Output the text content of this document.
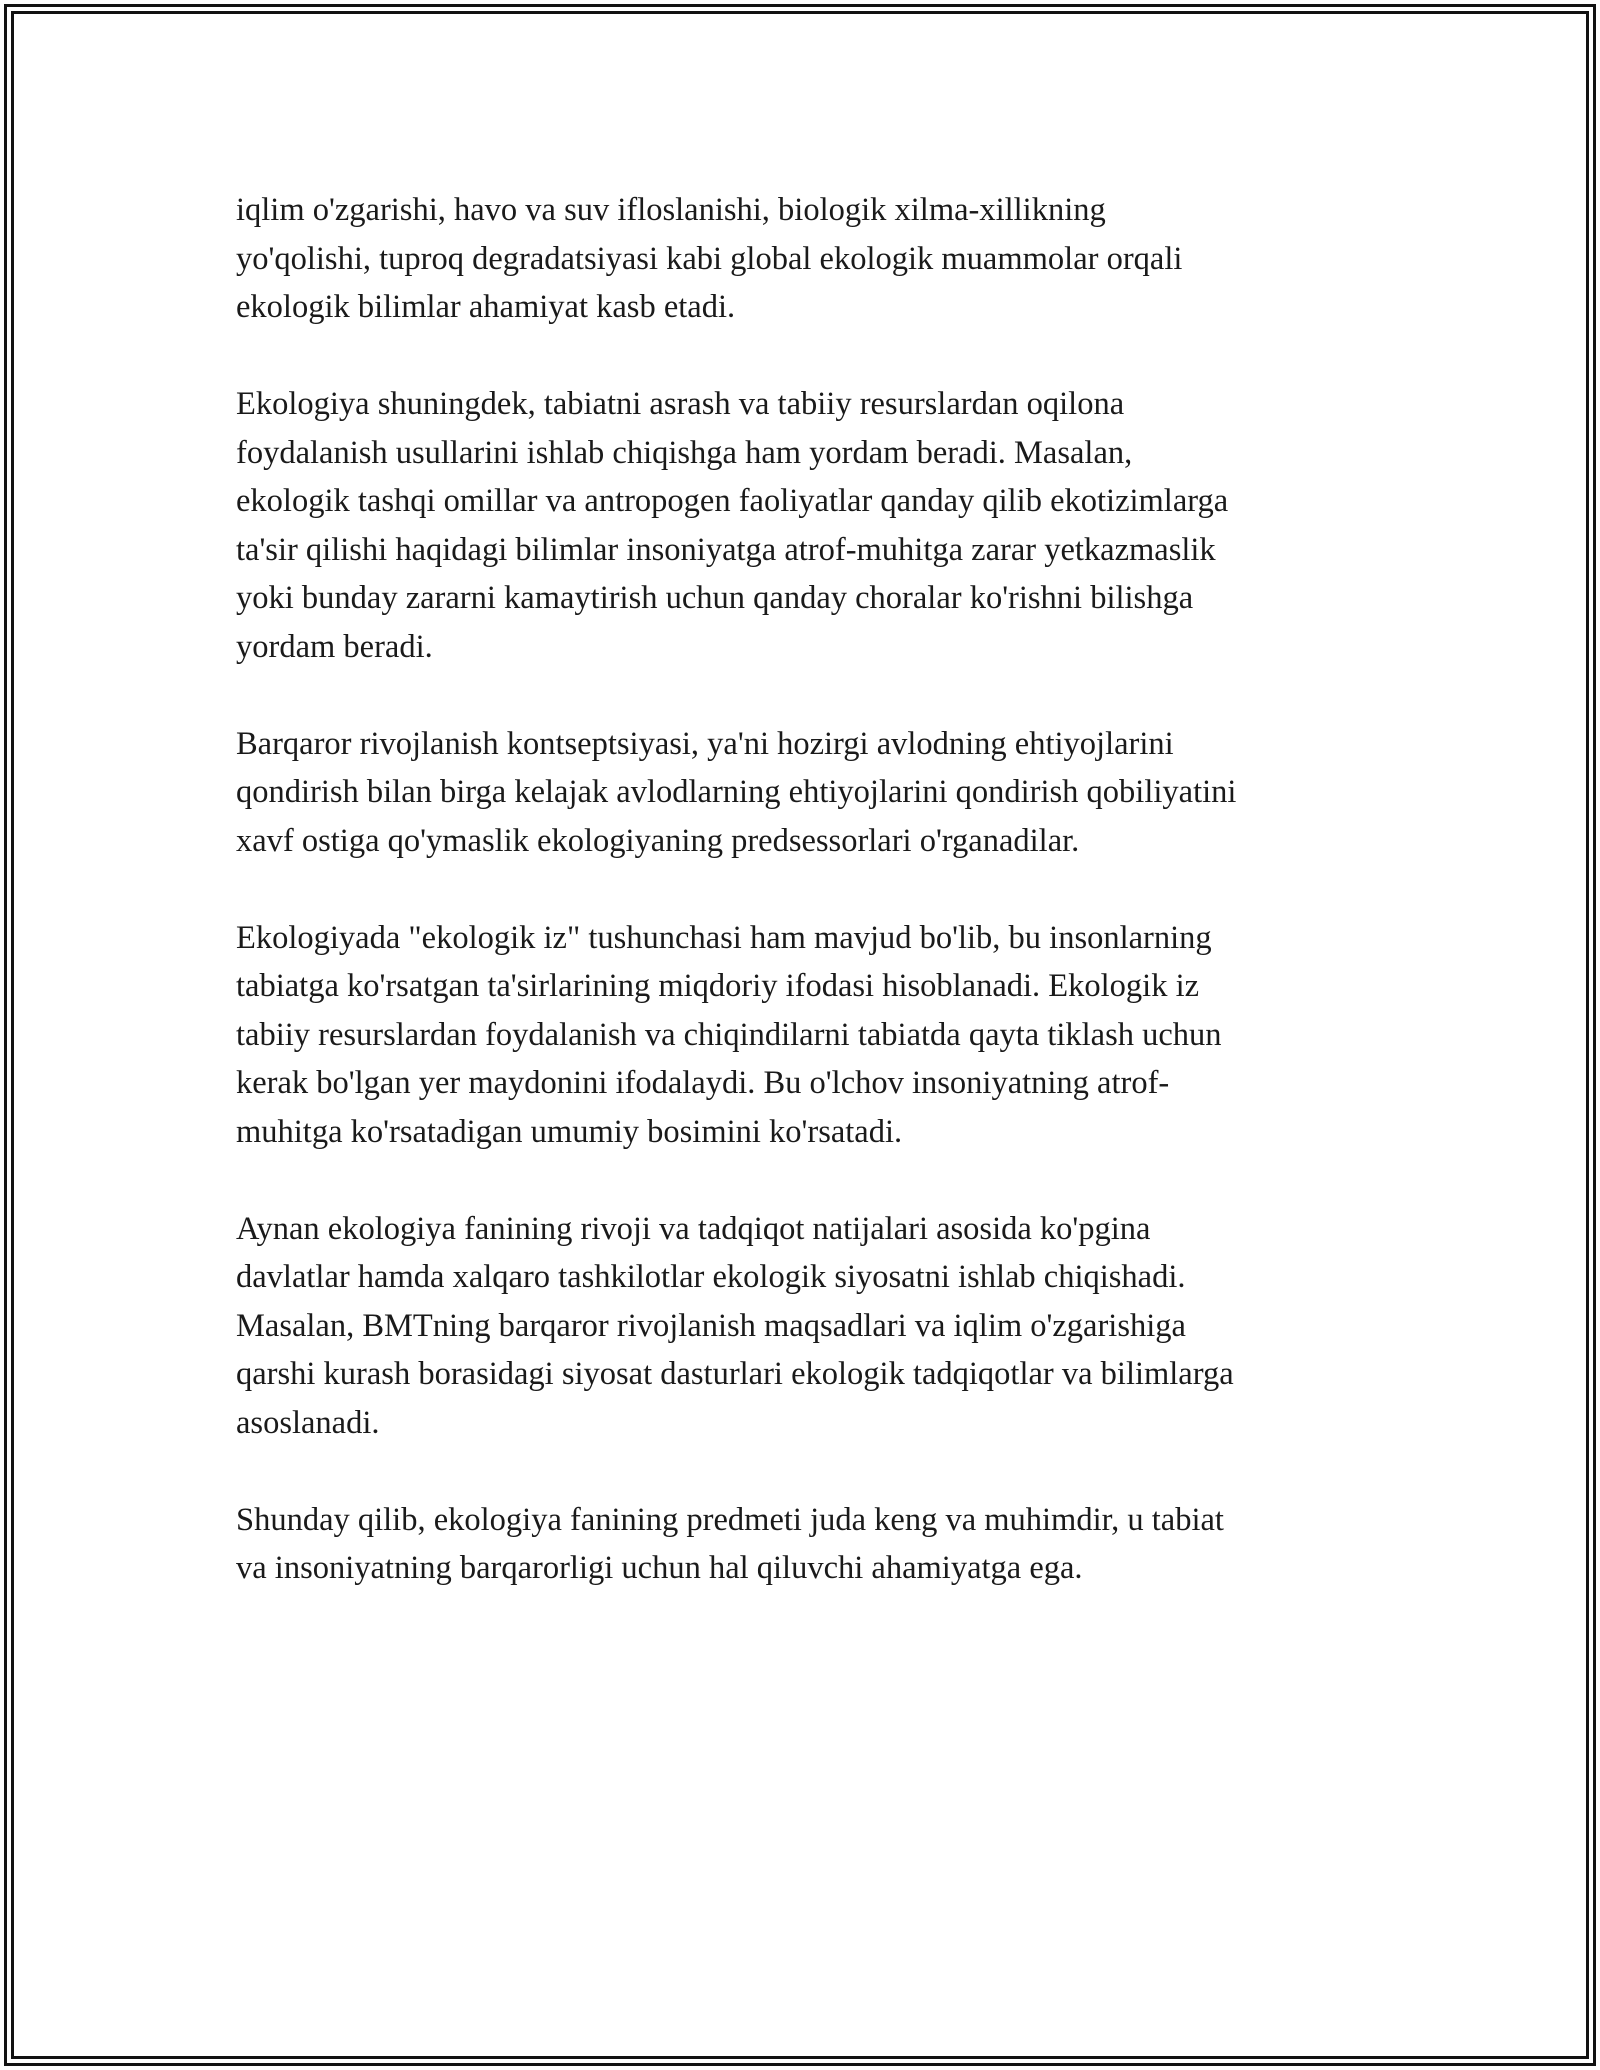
iqlim o'zgarishi, havo va suv ifloslanishi, biologik xilma-xillikning
yo'qolishi, tuproq degradatsiyasi kabi global ekologik muammolar orqali
ekologik bilimlar ahamiyat kasb etadi.

Ekologiya shuningdek, tabiatni asrash va tabiiy resurslardan oqilona
foydalanish usullarini ishlab chiqishga ham yordam beradi. Masalan,
ekologik tashqi omillar va antropogen faoliyatlar qanday qilib ekotizimlarga
ta'sir qilishi haqidagi bilimlar insoniyatga atrof-muhitga zarar yetkazmaslik
yoki bunday zararni kamaytirish uchun qanday choralar ko'rishni bilishga
yordam beradi.

Barqaror rivojlanish kontseptsiyasi, ya'ni hozirgi avlodning ehtiyojlarini
qondirish bilan birga kelajak avlodlarning ehtiyojlarini qondirish qobiliyatini
xavf ostiga qo'ymaslik ekologiyaning predsessorlari o'rganadilar.

Ekologiyada "ekologik iz" tushunchasi ham mavjud bo'lib, bu insonlarning
tabiatga ko'rsatgan ta'sirlarining miqdoriy ifodasi hisoblanadi. Ekologik iz
tabiiy resurslardan foydalanish va chiqindilarni tabiatda qayta tiklash uchun
kerak bo'lgan yer maydonini ifodalaydi. Bu o'lchov insoniyatning atrof-
muhitga ko'rsatadigan umumiy bosimini ko'rsatadi.

Aynan ekologiya fanining rivoji va tadqiqot natijalari asosida ko'pgina
davlatlar hamda xalqaro tashkilotlar ekologik siyosatni ishlab chiqishadi.
Masalan, BMTning barqaror rivojlanish maqsadlari va iqlim o'zgarishiga
qarshi kurash borasidagi siyosat dasturlari ekologik tadqiqotlar va bilimlarga
asoslanadi.

Shunday qilib, ekologiya fanining predmeti juda keng va muhimdir, u tabiat
va insoniyatning barqarorligi uchun hal qiluvchi ahamiyatga ega.
